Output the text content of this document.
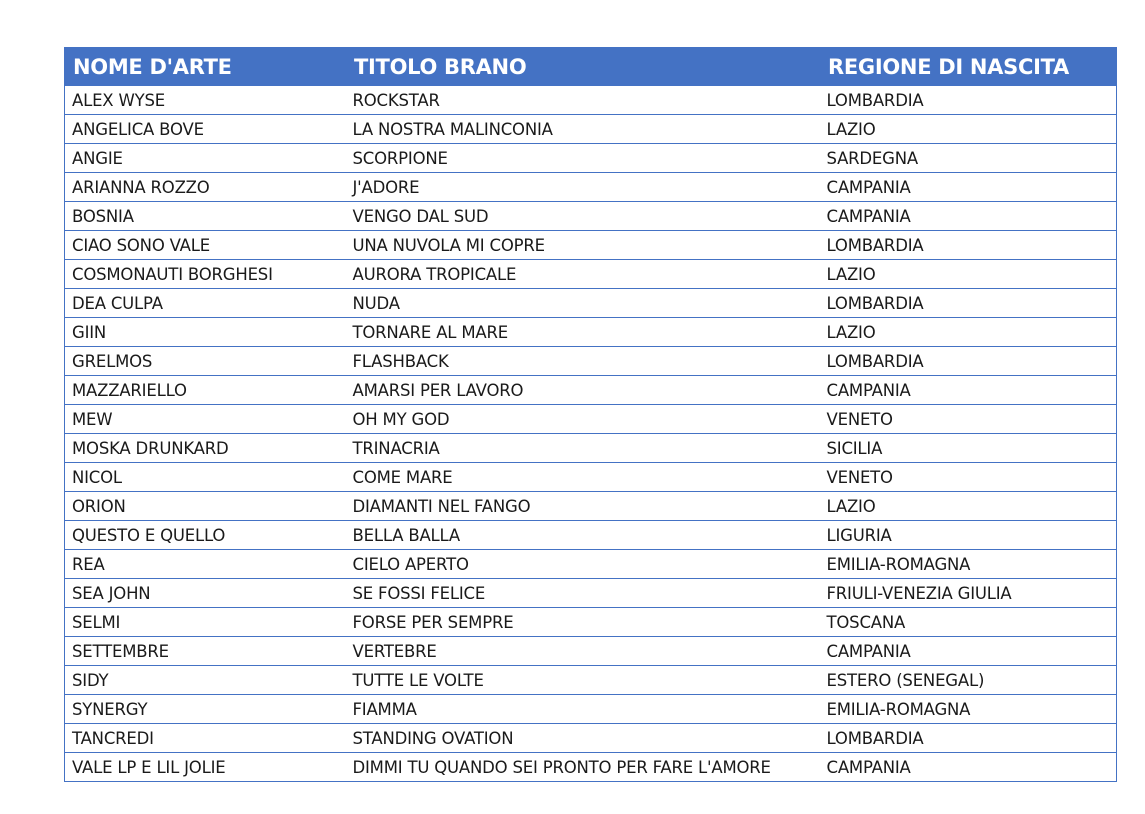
NOME D'ARTE	TITOLO BRANO	REGIONE DI NASCITA
ALEX WYSE	ROCKSTAR	LOMBARDIA
ANGELICA BOVE	LA NOSTRA MALINCONIA	LAZIO
ANGIE	SCORPIONE	SARDEGNA
ARIANNA ROZZO	J'ADORE	CAMPANIA
BOSNIA	VENGO DAL SUD	CAMPANIA
CIAO SONO VALE	UNA NUVOLA MI COPRE	LOMBARDIA
COSMONAUTI BORGHESI	AURORA TROPICALE	LAZIO
DEA CULPA	NUDA	LOMBARDIA
GIIN	TORNARE AL MARE	LAZIO
GRELMOS	FLASHBACK	LOMBARDIA
MAZZARIELLO	AMARSI PER LAVORO	CAMPANIA
MEW	OH MY GOD	VENETO
MOSKA DRUNKARD	TRINACRIA	SICILIA
NICOL	COME MARE	VENETO
ORION	DIAMANTI NEL FANGO	LAZIO
QUESTO E QUELLO	BELLA BALLA	LIGURIA
REA	CIELO APERTO	EMILIA-ROMAGNA
SEA JOHN	SE FOSSI FELICE	FRIULI-VENEZIA GIULIA
SELMI	FORSE PER SEMPRE	TOSCANA
SETTEMBRE	VERTEBRE	CAMPANIA
SIDY	TUTTE LE VOLTE	ESTERO (SENEGAL)
SYNERGY	FIAMMA	EMILIA-ROMAGNA
TANCREDI	STANDING OVATION	LOMBARDIA
VALE LP E LIL JOLIE	DIMMI TU QUANDO SEI PRONTO PER FARE L'AMORE	CAMPANIA
